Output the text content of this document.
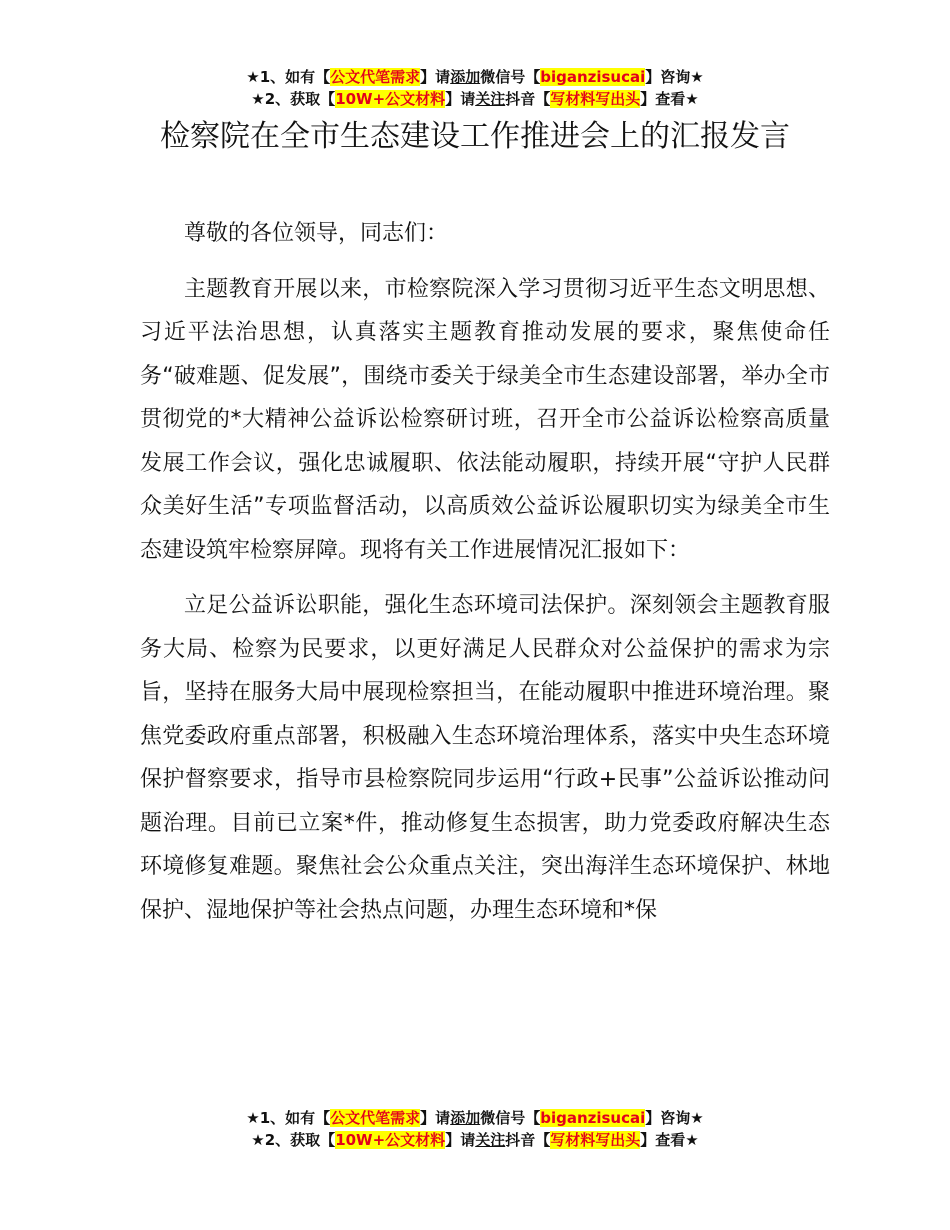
★1、如有【公文代笔需求】请添加微信号【biganzisucai】咨询★
★2、获取【10W+公文材料】请关注抖音【写材料写出头】查看★
检察院在全市生态建设工作推进会上的汇报发言

尊敬的各位领导，同志们：

主题教育开展以来，市检察院深入学习贯彻习近平生态文明思想、习近平法治思想，认真落实主题教育推动发展的要求，聚焦使命任务“破难题、促发展”，围绕市委关于绿美全市生态建设部署，举办全市贯彻党的*大精神公益诉讼检察研讨班，召开全市公益诉讼检察高质量发展工作会议，强化忠诚履职、依法能动履职，持续开展“守护人民群众美好生活”专项监督活动，以高质效公益诉讼履职切实为绿美全市生态建设筑牢检察屏障。现将有关工作进展情况汇报如下：

立足公益诉讼职能，强化生态环境司法保护。深刻领会主题教育服务大局、检察为民要求，以更好满足人民群众对公益保护的需求为宗旨，坚持在服务大局中展现检察担当，在能动履职中推进环境治理。聚焦党委政府重点部署，积极融入生态环境治理体系，落实中央生态环境保护督察要求，指导市县检察院同步运用“行政+民事”公益诉讼推动问题治理。目前已立案*件，推动修复生态损害，助力党委政府解决生态环境修复难题。聚焦社会公众重点关注，突出海洋生态环境保护、林地保护、湿地保护等社会热点问题，办理生态环境和*保

★1、如有【公文代笔需求】请添加微信号【biganzisucai】咨询★
★2、获取【10W+公文材料】请关注抖音【写材料写出头】查看★
